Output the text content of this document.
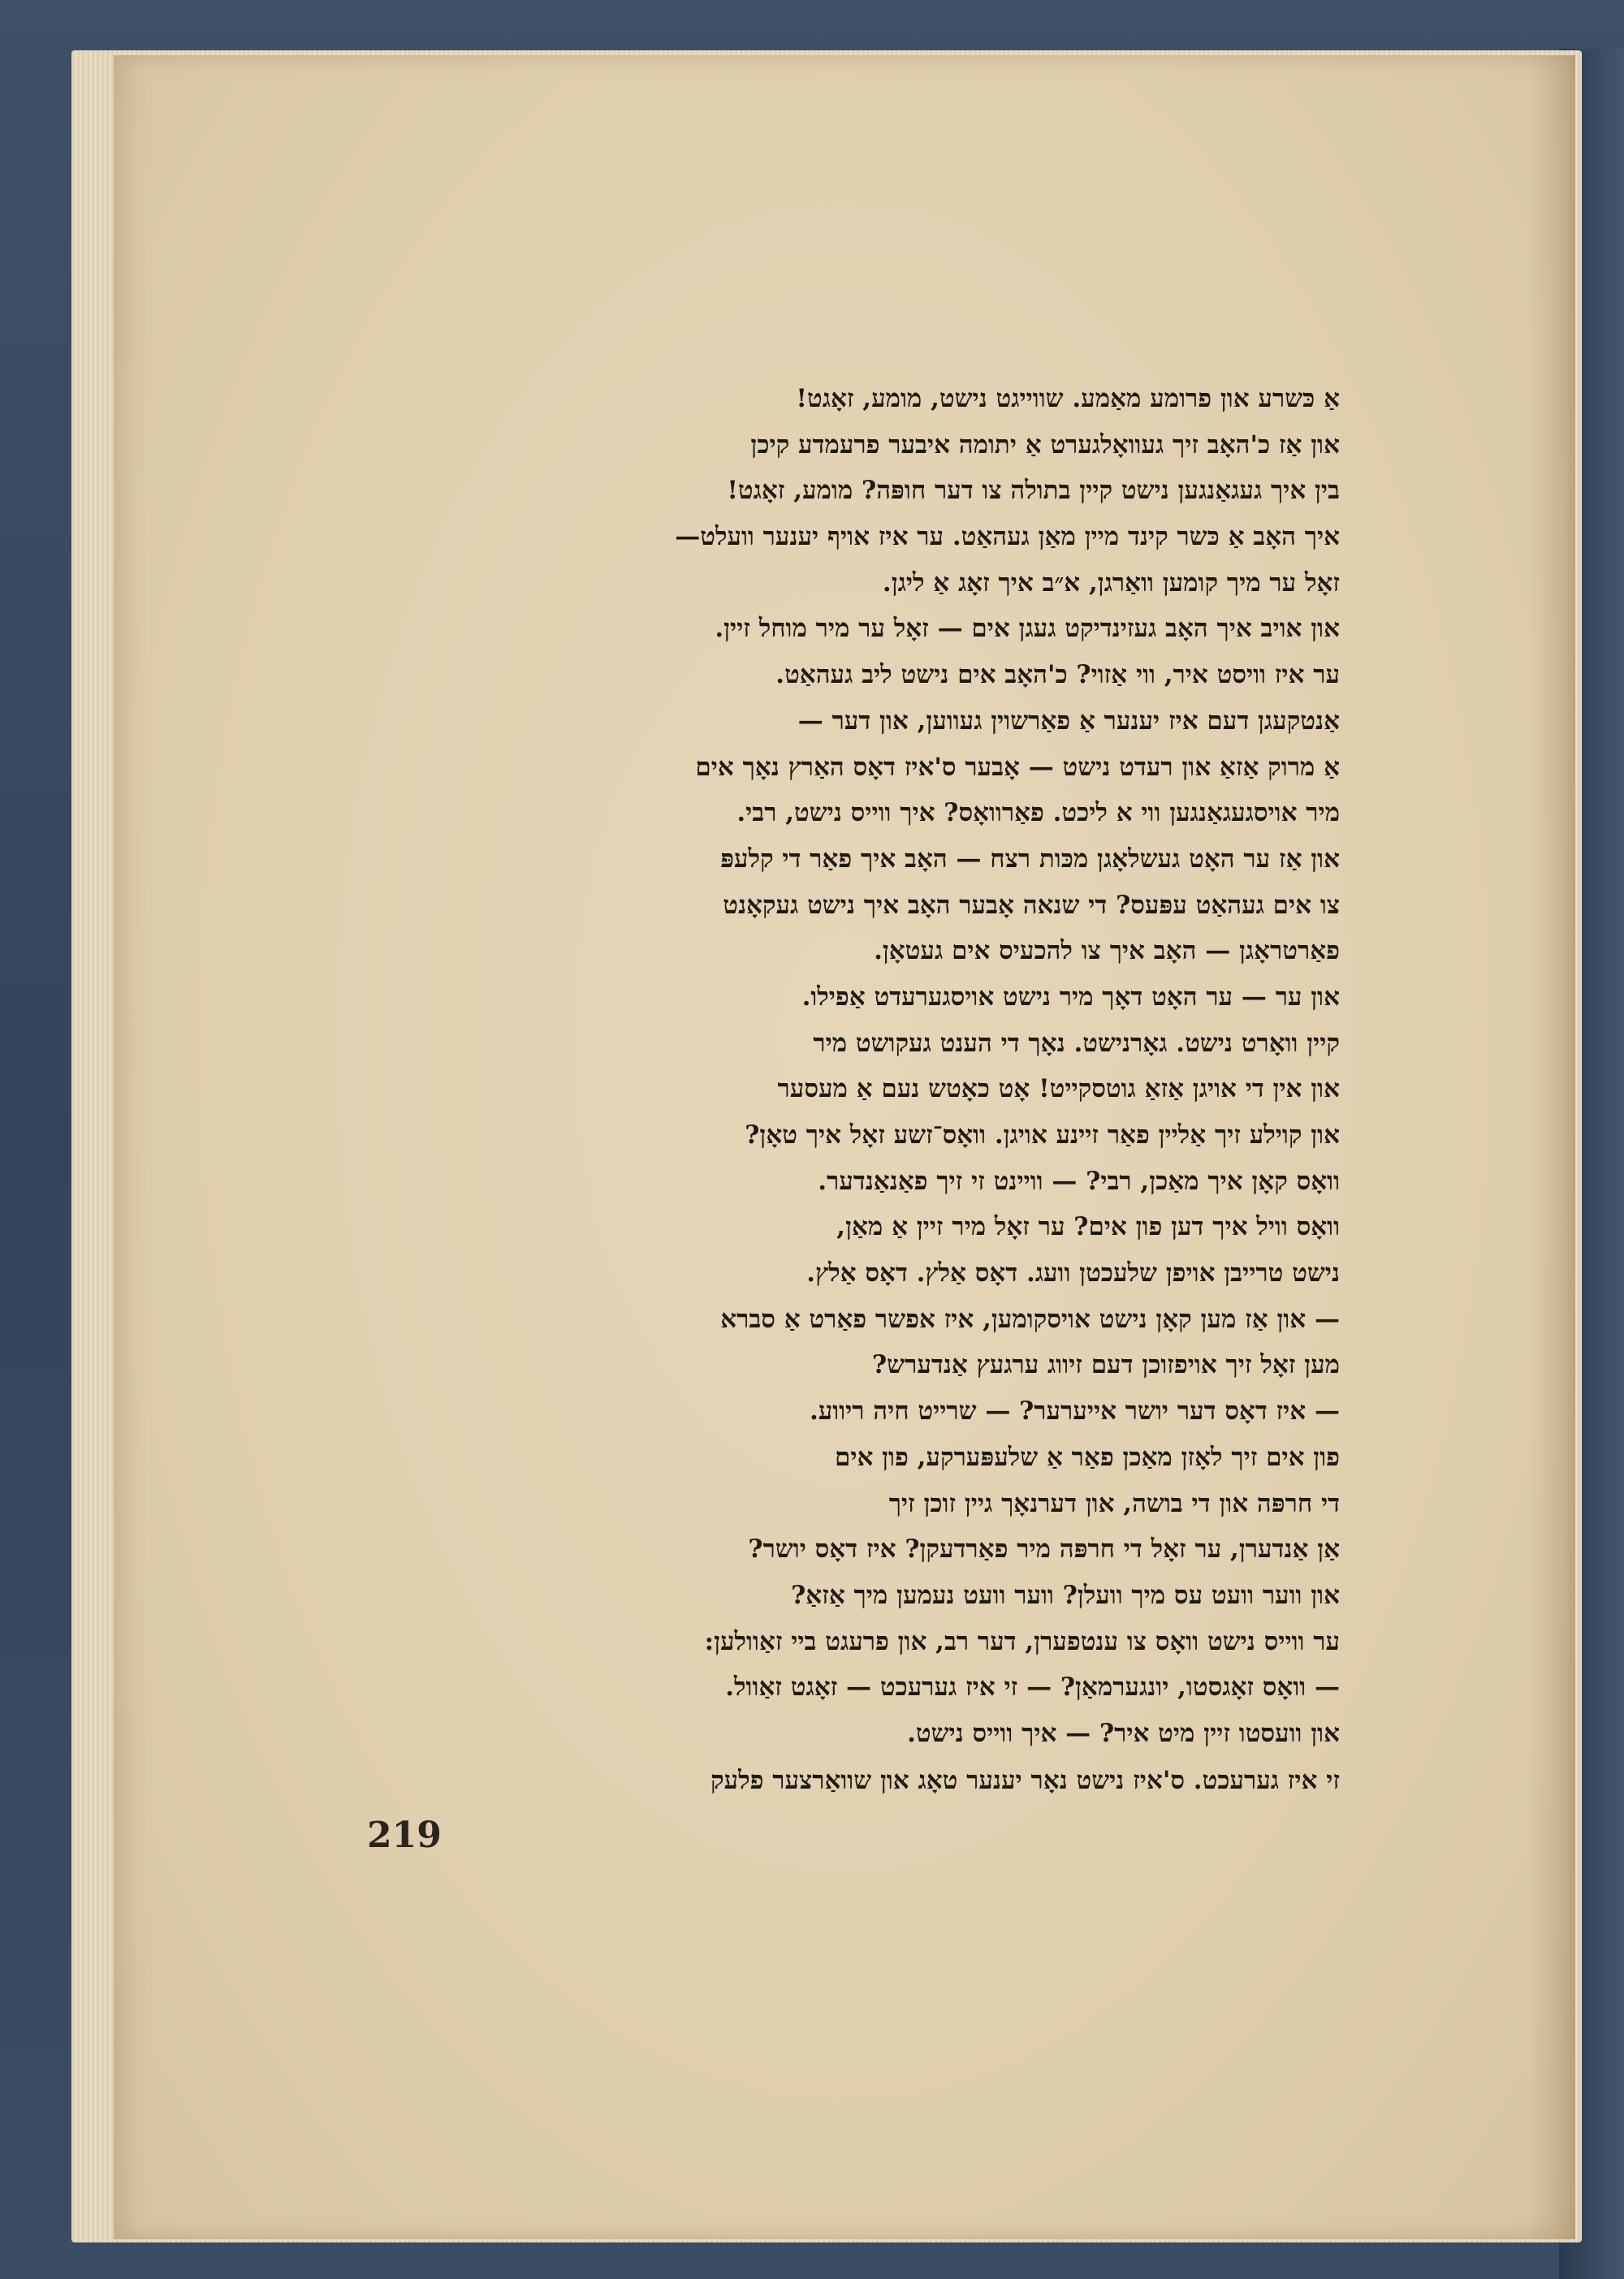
אַ כּשרע און פרומע מאַמע. שווייגט נישט, מומע, זאָגט!
און אַז כ'האָב זיך געוואָלגערט אַ יתומה איבער פרעמדע קיכן
בין איך געגאַנגען נישט קיין בתולה צו דער חופּה? מומע, זאָגט!
איך האָב אַ כּשר קינד מיין מאַן געהאַט. ער איז אויף יענער וועלט—
זאָל ער מיך קומען וואַרגן, א״ב איך זאָג אַ ליגן.
און אויב איך האָב געזינדיקט געגן אים — זאָל ער מיר מוחל זיין.
ער איז וויסט איר, ווי אַזוי? כ'האָב אים נישט ליב געהאַט.
אַנטקעגן דעם איז יענער אַ פאַרשוין געווען, און דער —
אַ מרוק אַזאַ און רעדט נישט — אָבער ס'איז דאָס האַרץ נאָך אים
מיר אויסגעגאַנגען ווי א ליכט. פאַרוואָס? איך ווייס נישט, רבי.
און אַז ער האָט געשלאָגן מכּות רצח — האָב איך פאַר די קלעפּ
צו אים געהאַט עפּעס? די שנאה אָבער האָב איך נישט געקאָנט
פאַרטראָגן — האָב איך צו להכעיס אים געטאָן.
און ער — ער האָט דאָך מיר נישט אויסגערעדט אַפילו.
קיין וואָרט נישט. גאָרנישט. נאָך די הענט געקושט מיר
און אין די אויגן אַזאַ גוטסקייט! אָט כאָטש נעם אַ מעסער
און קוילע זיך אַליין פאַר זיינע אויגן. וואָס־זשע זאָל איך טאָן?
וואָס קאָן איך מאַכן, רבי? — וויינט זי זיך פאַנאַנדער.
וואָס וויל איך דען פון אים? ער זאָל מיר זיין אַ מאַן,
נישט טרייבן אויפן שלעכטן וועג. דאָס אַלץ. דאָס אַלץ.
— און אַז מען קאָן נישט אויסקומען, איז אפשר פאַרט אַ סברא
מען זאָל זיך אויפזוכן דעם זיווג ערגעץ אַנדערש?
— איז דאָס דער יושר אייערער? — שרייט חיה ריווע.
פון אים זיך לאָזן מאַכן פאַר אַ שלעפּערקע, פון אים
די חרפּה און די בושה, און דערנאָך גיין זוכן זיך
אַן אַנדערן, ער זאָל די חרפּה מיר פאַרדעקן? איז דאָס יושר?
און ווער וועט עס מיך וועלן? ווער וועט נעמען מיך אַזאַ?
ער ווייס נישט וואָס צו ענטפערן, דער רב, און פרעגט ביי זאַוולען:
— וואָס זאָגסטו, יונגערמאַן? — זי איז גערעכט — זאָגט זאַוול.
און וועסטו זיין מיט איר? — איך ווייס נישט.
זי איז גערעכט. ס'איז נישט נאָר יענער טאָג און שוואַרצער פלעק
219
